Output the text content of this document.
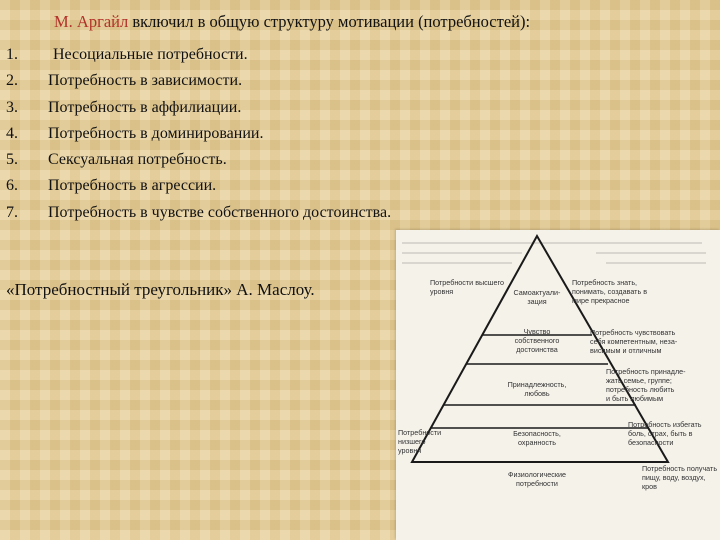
М. Аргайл включил в общую структуру мотивации (потребностей):
1.	Несоциальные потребности.
2.	Потребность в зависимости.
3.	Потребность в аффилиации.
4.	Потребность в доминировании.
5.	Сексуальная потребность.
6.	Потребность в агрессии.
7.	Потребность в чувстве собственного достоинства.
«Потребностный треугольник» А. Маслоу.	Потребности высшего
уровня
Потребности
низшего
уровня
Самоактуали-
зация
Чувство
собственного
достоинства
Принадлежность,
любовь
Безопасность,
охранность
Физиологические
потребности
Потребность знать,
понимать, создавать в
мире прекрасное
Потребность чувствовать
себя компетентным, неза-
висимым и отличным
Потребность принадле-
жать семье, группе;
потребность любить
и быть любимым
Потребность избегать
боль, страх, быть в
безопасности
Потребность получать
пищу, воду, воздух,
кров
